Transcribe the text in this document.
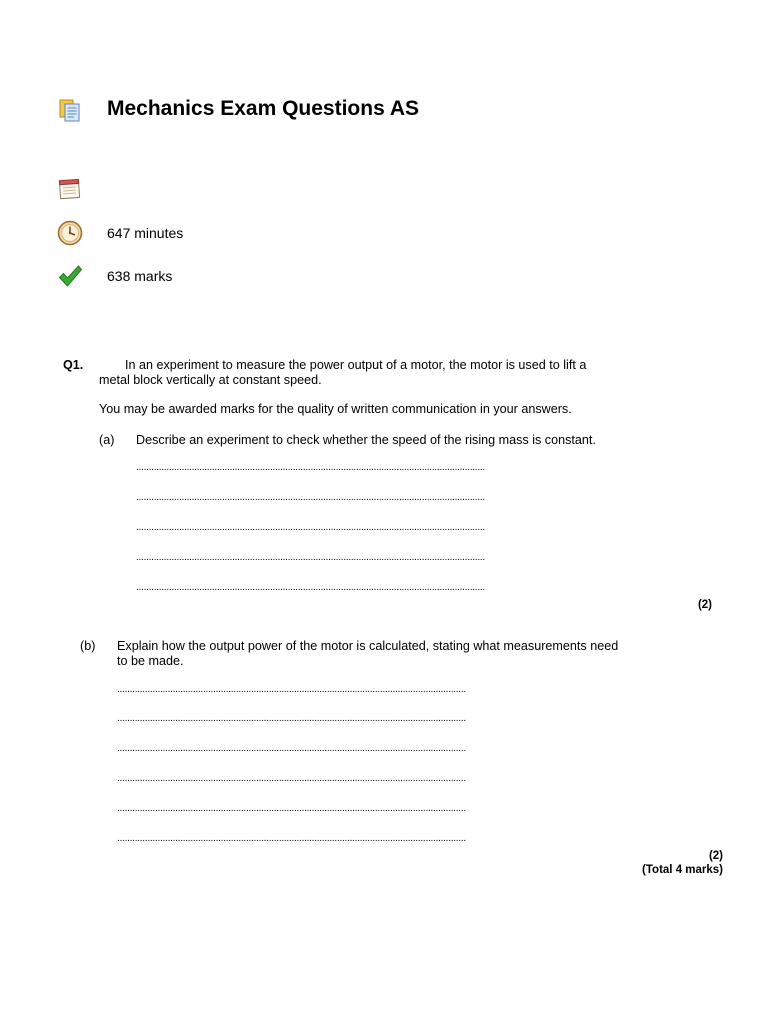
Mechanics Exam Questions AS
647 minutes
638 marks
Q1.	In an experiment to measure the power output of a motor, the motor is used to lift a
metal block vertically at constant speed.
You may be awarded marks for the quality of written communication in your answers.
(a) Describe an experiment to check whether the speed of the rising mass is constant.
..........................................................................................................................................
..........................................................................................................................................
..........................................................................................................................................
..........................................................................................................................................
..........................................................................................................................................
(2)
(b) Explain how the output power of the motor is calculated, stating what measurements need
to be made.
..........................................................................................................................................
..........................................................................................................................................
..........................................................................................................................................
..........................................................................................................................................
..........................................................................................................................................
..........................................................................................................................................
(2)
(Total 4 marks)
